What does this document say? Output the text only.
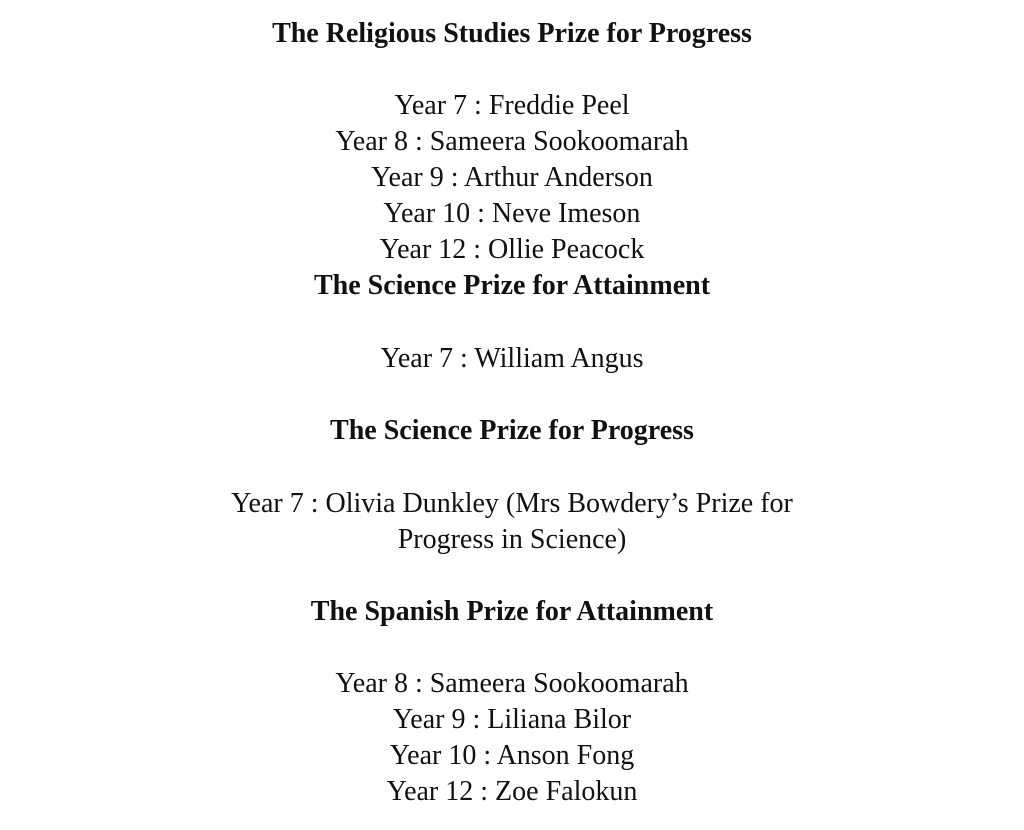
The Religious Studies Prize for Progress
Year 7 : Freddie Peel
Year 8 : Sameera Sookoomarah
Year 9 : Arthur Anderson
Year 10 : Neve Imeson
Year 12 : Ollie Peacock
The Science Prize for Attainment
Year 7 : William Angus
The Science Prize for Progress
Year 7 : Olivia Dunkley (Mrs Bowdery’s Prize for
Progress in Science)
The Spanish Prize for Attainment
Year 8 : Sameera Sookoomarah
Year 9 : Liliana Bilor
Year 10 : Anson Fong
Year 12 : Zoe Falokun
